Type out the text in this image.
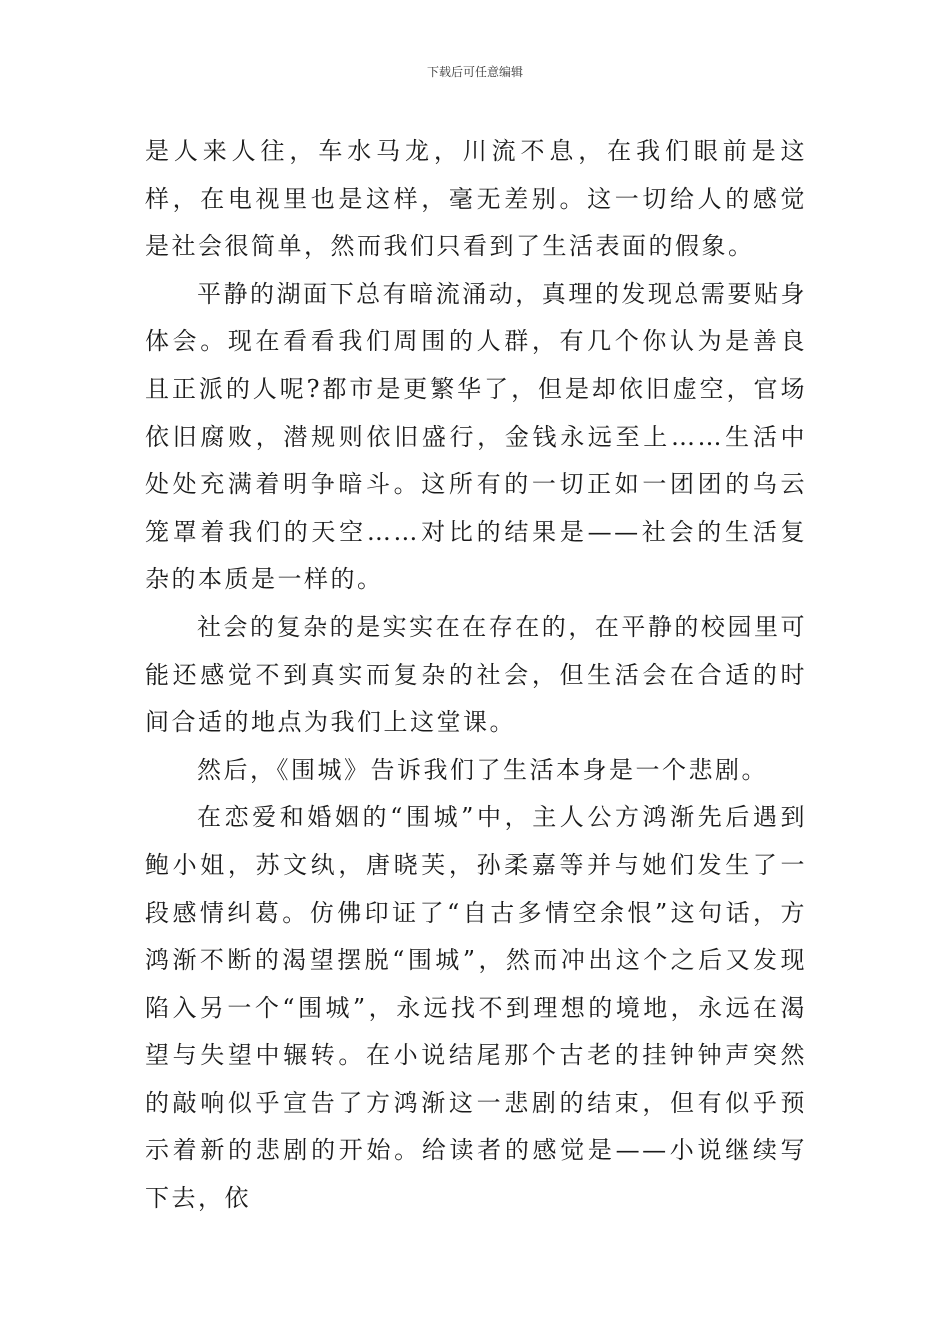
下载后可任意编辑

是人来人往，车水马龙，川流不息，在我们眼前是这样，在电视里也是这样，毫无差别。这一切给人的感觉是社会很简单，然而我们只看到了生活表面的假象。

平静的湖面下总有暗流涌动，真理的发现总需要贴身体会。现在看看我们周围的人群，有几个你认为是善良且正派的人呢?都市是更繁华了，但是却依旧虚空，官场依旧腐败，潜规则依旧盛行，金钱永远至上……生活中处处充满着明争暗斗。这所有的一切正如一团团的乌云笼罩着我们的天空……对比的结果是——社会的生活复杂的本质是一样的。

社会的复杂的是实实在在存在的，在平静的校园里可能还感觉不到真实而复杂的社会，但生活会在合适的时间合适的地点为我们上这堂课。

然后，《围城》告诉我们了生活本身是一个悲剧。

在恋爱和婚姻的“围城”中，主人公方鸿渐先后遇到鲍小姐，苏文纨，唐晓芙，孙柔嘉等并与她们发生了一段感情纠葛。仿佛印证了“自古多情空余恨”这句话，方鸿渐不断的渴望摆脱“围城”，然而冲出这个之后又发现陷入另一个“围城”，永远找不到理想的境地，永远在渴望与失望中辗转。在小说结尾那个古老的挂钟钟声突然的敲响似乎宣告了方鸿渐这一悲剧的结束，但有似乎预示着新的悲剧的开始。给读者的感觉是——小说继续写下去，依
